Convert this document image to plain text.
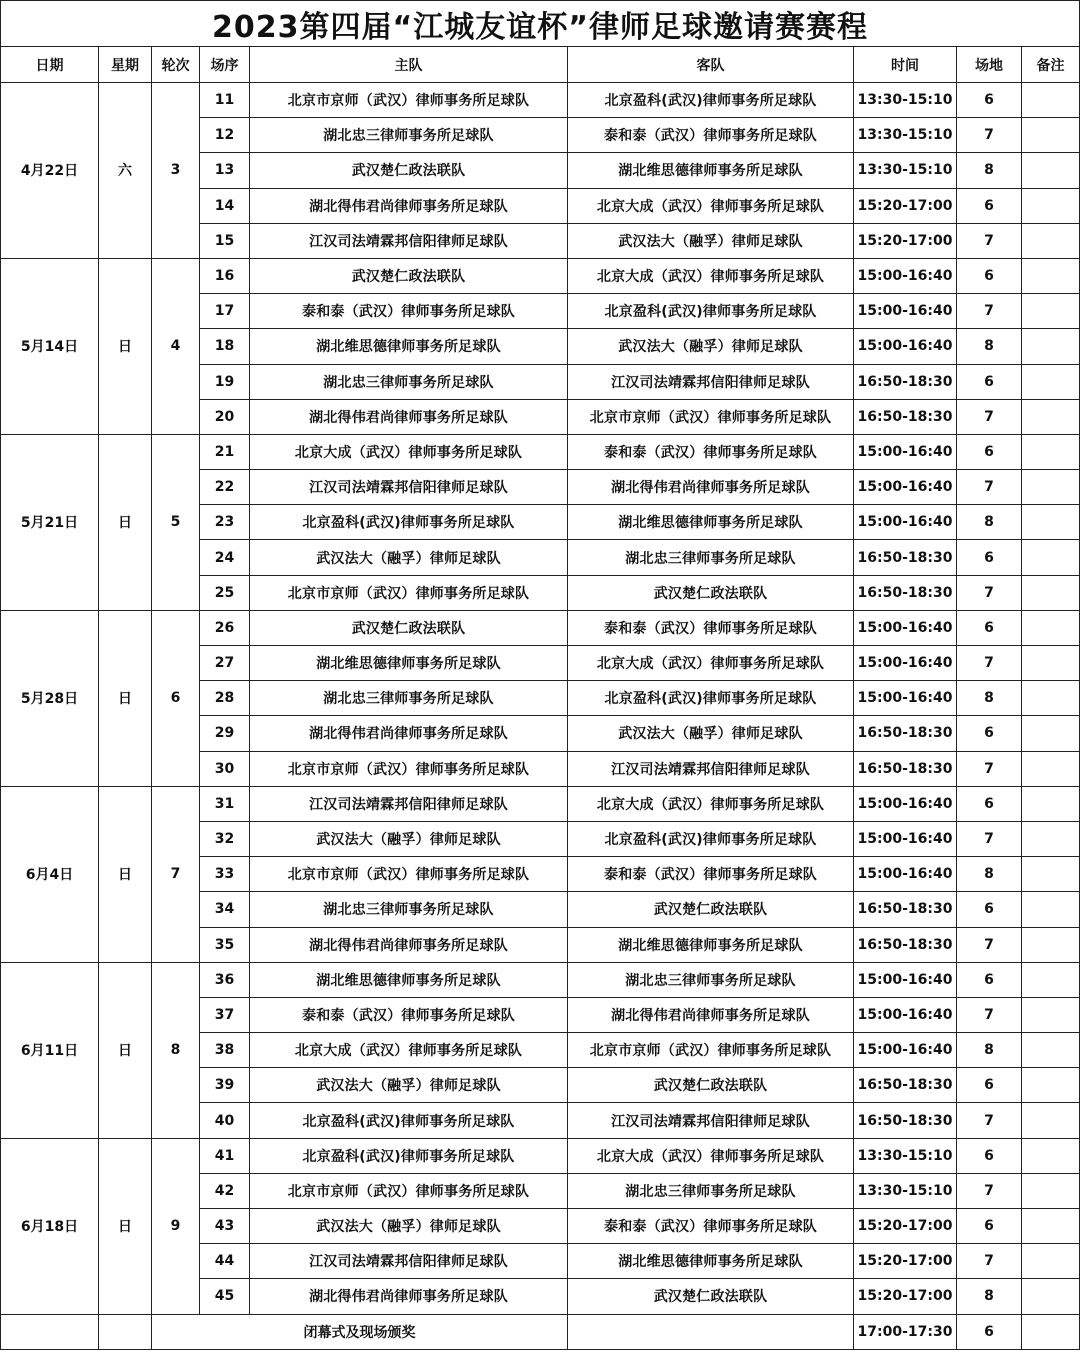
2023第四届“江城友谊杯”律师足球邀请赛赛程
日期	星期	轮次	场序	主队	客队	时间	场地	备注
4月22日	六	3	11	北京市京师（武汉）律师事务所足球队	北京盈科(武汉)律师事务所足球队	13:30-15:10	6	
			12	湖北忠三律师事务所足球队	泰和泰（武汉）律师事务所足球队	13:30-15:10	7	
			13	武汉楚仁政法联队	湖北维思德律师事务所足球队	13:30-15:10	8	
			14	湖北得伟君尚律师事务所足球队	北京大成（武汉）律师事务所足球队	15:20-17:00	6	
			15	江汉司法靖霖邦信阳律师足球队	武汉法大（融孚）律师足球队	15:20-17:00	7	
5月14日	日	4	16	武汉楚仁政法联队	北京大成（武汉）律师事务所足球队	15:00-16:40	6	
			17	泰和泰（武汉）律师事务所足球队	北京盈科(武汉)律师事务所足球队	15:00-16:40	7	
			18	湖北维思德律师事务所足球队	武汉法大（融孚）律师足球队	15:00-16:40	8	
			19	湖北忠三律师事务所足球队	江汉司法靖霖邦信阳律师足球队	16:50-18:30	6	
			20	湖北得伟君尚律师事务所足球队	北京市京师（武汉）律师事务所足球队	16:50-18:30	7	
5月21日	日	5	21	北京大成（武汉）律师事务所足球队	泰和泰（武汉）律师事务所足球队	15:00-16:40	6	
			22	江汉司法靖霖邦信阳律师足球队	湖北得伟君尚律师事务所足球队	15:00-16:40	7	
			23	北京盈科(武汉)律师事务所足球队	湖北维思德律师事务所足球队	15:00-16:40	8	
			24	武汉法大（融孚）律师足球队	湖北忠三律师事务所足球队	16:50-18:30	6	
			25	北京市京师（武汉）律师事务所足球队	武汉楚仁政法联队	16:50-18:30	7	
5月28日	日	6	26	武汉楚仁政法联队	泰和泰（武汉）律师事务所足球队	15:00-16:40	6	
			27	湖北维思德律师事务所足球队	北京大成（武汉）律师事务所足球队	15:00-16:40	7	
			28	湖北忠三律师事务所足球队	北京盈科(武汉)律师事务所足球队	15:00-16:40	8	
			29	湖北得伟君尚律师事务所足球队	武汉法大（融孚）律师足球队	16:50-18:30	6	
			30	北京市京师（武汉）律师事务所足球队	江汉司法靖霖邦信阳律师足球队	16:50-18:30	7	
6月4日	日	7	31	江汉司法靖霖邦信阳律师足球队	北京大成（武汉）律师事务所足球队	15:00-16:40	6	
			32	武汉法大（融孚）律师足球队	北京盈科(武汉)律师事务所足球队	15:00-16:40	7	
			33	北京市京师（武汉）律师事务所足球队	泰和泰（武汉）律师事务所足球队	15:00-16:40	8	
			34	湖北忠三律师事务所足球队	武汉楚仁政法联队	16:50-18:30	6	
			35	湖北得伟君尚律师事务所足球队	湖北维思德律师事务所足球队	16:50-18:30	7	
6月11日	日	8	36	湖北维思德律师事务所足球队	湖北忠三律师事务所足球队	15:00-16:40	6	
			37	泰和泰（武汉）律师事务所足球队	湖北得伟君尚律师事务所足球队	15:00-16:40	7	
			38	北京大成（武汉）律师事务所足球队	北京市京师（武汉）律师事务所足球队	15:00-16:40	8	
			39	武汉法大（融孚）律师足球队	武汉楚仁政法联队	16:50-18:30	6	
			40	北京盈科(武汉)律师事务所足球队	江汉司法靖霖邦信阳律师足球队	16:50-18:30	7	
6月18日	日	9	41	北京盈科(武汉)律师事务所足球队	北京大成（武汉）律师事务所足球队	13:30-15:10	6	
			42	北京市京师（武汉）律师事务所足球队	湖北忠三律师事务所足球队	13:30-15:10	7	
			43	武汉法大（融孚）律师足球队	泰和泰（武汉）律师事务所足球队	15:20-17:00	6	
			44	江汉司法靖霖邦信阳律师足球队	湖北维思德律师事务所足球队	15:20-17:00	7	
			45	湖北得伟君尚律师事务所足球队	武汉楚仁政法联队	15:20-17:00	8	
		闭幕式及现场颁奖				17:00-17:30	6	
